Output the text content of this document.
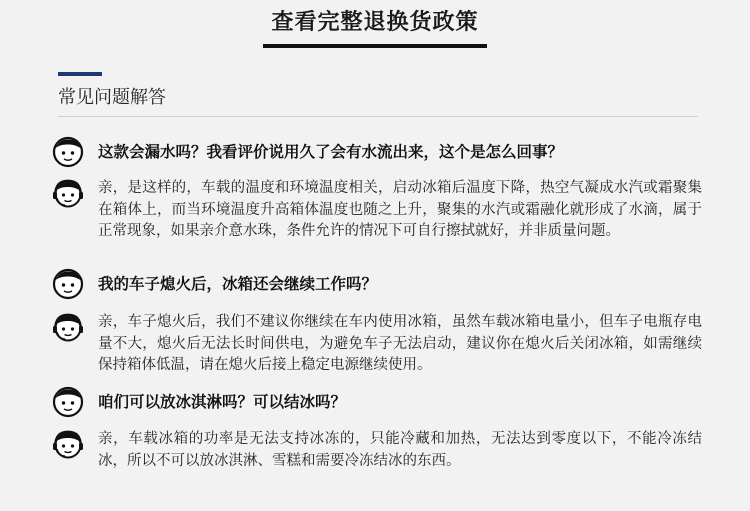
查看完整退换货政策
常见问题解答
这款会漏水吗？我看评价说用久了会有水流出来，这个是怎么回事？
亲，是这样的，车载的温度和环境温度相关，启动冰箱后温度下降，热空气凝成水汽或霜聚集在箱体上，而当环境温度升高箱体温度也随之上升，聚集的水汽或霜融化就形成了水滴，属于正常现象，如果亲介意水珠，条件允许的情况下可自行擦拭就好，并非质量问题。
我的车子熄火后，冰箱还会继续工作吗？
亲，车子熄火后，我们不建议你继续在车内使用冰箱，虽然车载冰箱电量小，但车子电瓶存电量不大，熄火后无法长时间供电，为避免车子无法启动，建议你在熄火后关闭冰箱，如需继续保持箱体低温，请在熄火后接上稳定电源继续使用。
咱们可以放冰淇淋吗？可以结冰吗？
亲，车载冰箱的功率是无法支持冰冻的，只能冷藏和加热，无法达到零度以下，不能冷冻结冰，所以不可以放冰淇淋、雪糕和需要冷冻结冰的东西。
